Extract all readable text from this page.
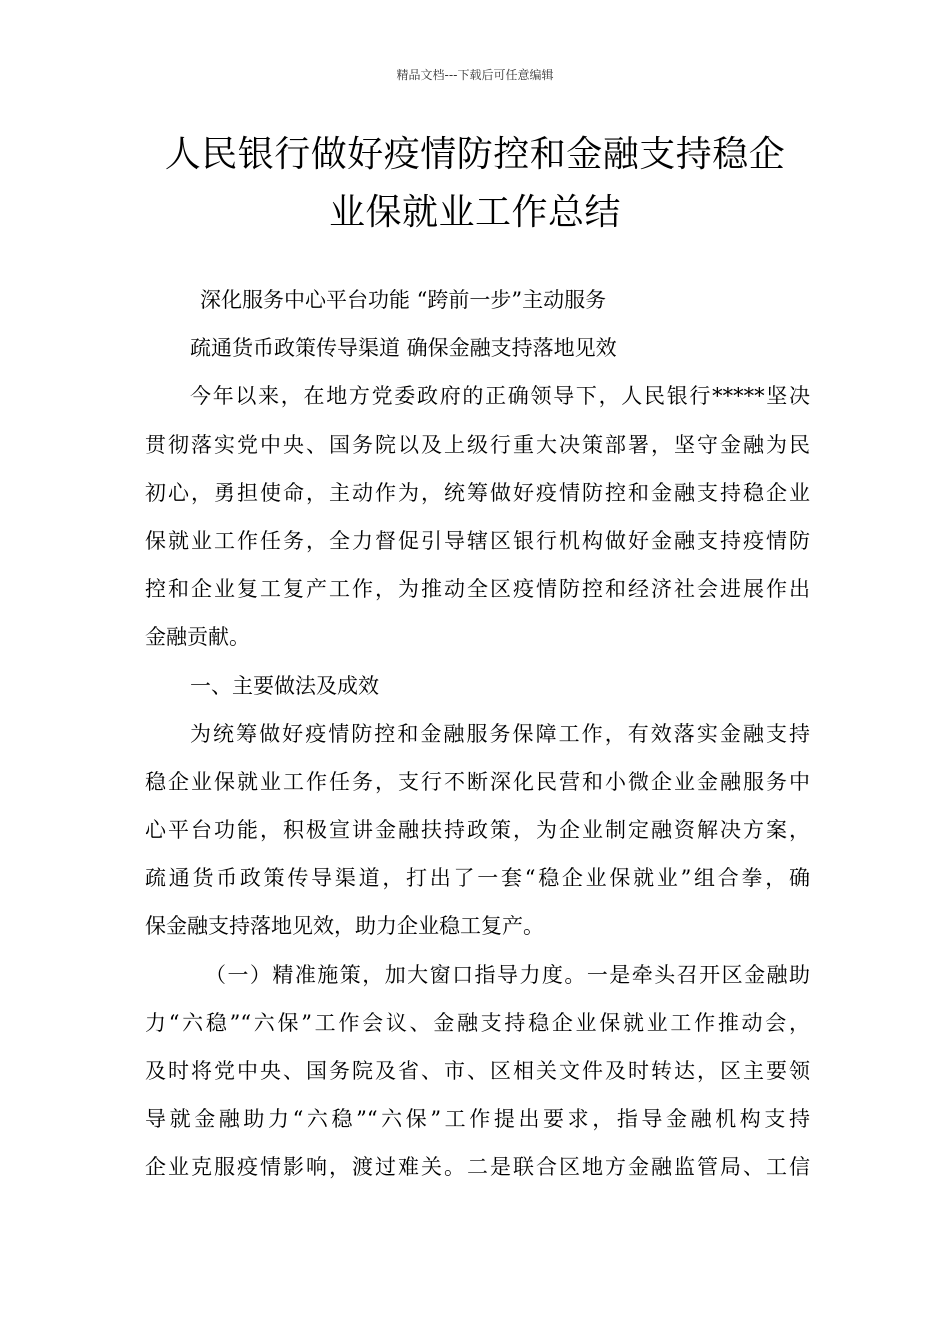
精品文档---下载后可任意编辑
人民银行做好疫情防控和金融支持稳企
业保就业工作总结
深化服务中心平台功能 “跨前一步”主动服务
疏通货币政策传导渠道 确保金融支持落地见效
今年以来，在地方党委政府的正确领导下，人民银行*****坚决
贯彻落实党中央、国务院以及上级行重大决策部署，坚守金融为民
初心，勇担使命，主动作为，统筹做好疫情防控和金融支持稳企业
保就业工作任务，全力督促引导辖区银行机构做好金融支持疫情防
控和企业复工复产工作，为推动全区疫情防控和经济社会进展作出
金融贡献。
一、主要做法及成效
为统筹做好疫情防控和金融服务保障工作，有效落实金融支持
稳企业保就业工作任务，支行不断深化民营和小微企业金融服务中
心平台功能，积极宣讲金融扶持政策，为企业制定融资解决方案，
疏通货币政策传导渠道，打出了一套“稳企业保就业”组合拳，确
保金融支持落地见效，助力企业稳工复产。
（一）精准施策，加大窗口指导力度。一是牵头召开区金融助
力“六稳”“六保”工作会议、金融支持稳企业保就业工作推动会，
及时将党中央、国务院及省、市、区相关文件及时转达，区主要领
导就金融助力“六稳”“六保”工作提出要求，指导金融机构支持
企业克服疫情影响，渡过难关。二是联合区地方金融监管局、工信
